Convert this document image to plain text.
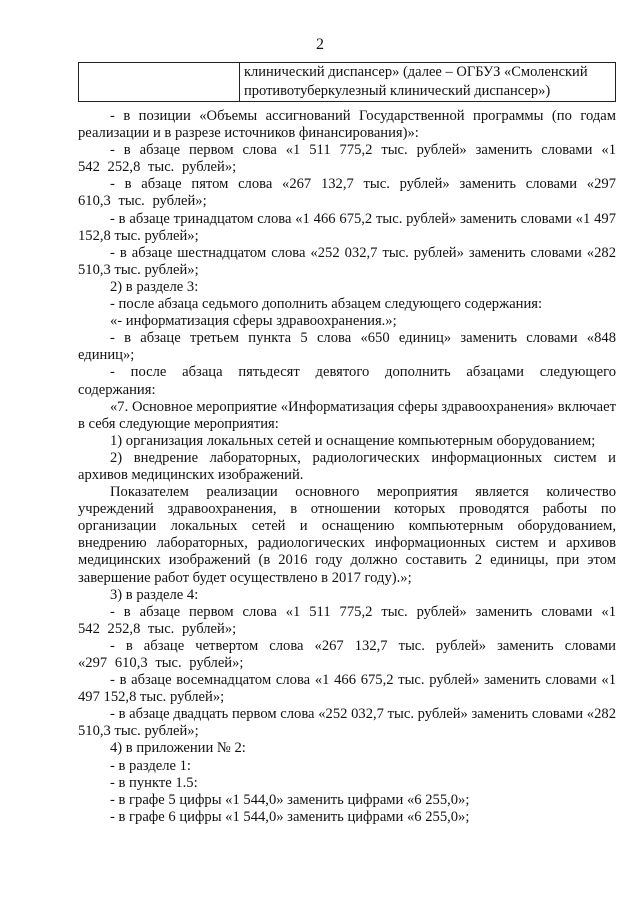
2

клинический диспансер» (далее – ОГБУЗ «Смоленский
противотуберкулезный клинический диспансер»)

- в позиции «Объемы ассигнований Государственной программы (по годам реализации и в разрезе источников финансирования)»:

- в абзаце первом слова «1 511 775,2 тыс. рублей» заменить словами «1 542 252,8 тыс. рублей»;

- в абзаце пятом слова «267 132,7 тыс. рублей» заменить словами «297 610,3 тыс. рублей»;

- в абзаце тринадцатом слова «1 466 675,2 тыс. рублей» заменить словами «1 497 152,8 тыс. рублей»;

- в абзаце шестнадцатом слова «252 032,7 тыс. рублей» заменить словами «282 510,3 тыс. рублей»;

2) в разделе 3:

- после абзаца седьмого дополнить абзацем следующего содержания:

«- информатизация сферы здравоохранения.»;

- в абзаце третьем пункта 5 слова «650 единиц» заменить словами «848 единиц»;

- после абзаца пятьдесят девятого дополнить абзацами следующего содержания:

«7. Основное мероприятие «Информатизация сферы здравоохранения» включает в себя следующие мероприятия:

1) организация локальных сетей и оснащение компьютерным оборудованием;

2) внедрение лабораторных, радиологических информационных систем и архивов медицинских изображений.

Показателем реализации основного мероприятия является количество учреждений здравоохранения, в отношении которых проводятся работы по организации локальных сетей и оснащению компьютерным оборудованием, внедрению лабораторных, радиологических информационных систем и архивов медицинских изображений (в 2016 году должно составить 2 единицы, при этом завершение работ будет осуществлено в 2017 году).»;

3) в разделе 4:

- в абзаце первом слова «1 511 775,2 тыс. рублей» заменить словами «1 542 252,8 тыс. рублей»;

- в абзаце четвертом слова «267 132,7 тыс. рублей» заменить словами «297 610,3 тыс. рублей»;

- в абзаце восемнадцатом слова «1 466 675,2 тыс. рублей» заменить словами «1 497 152,8 тыс. рублей»;

- в абзаце двадцать первом слова «252 032,7 тыс. рублей» заменить словами «282 510,3 тыс. рублей»;

4) в приложении № 2:

- в разделе 1:

- в пункте 1.5:

- в графе 5 цифры «1 544,0» заменить цифрами «6 255,0»;

- в графе 6 цифры «1 544,0» заменить цифрами «6 255,0»;
